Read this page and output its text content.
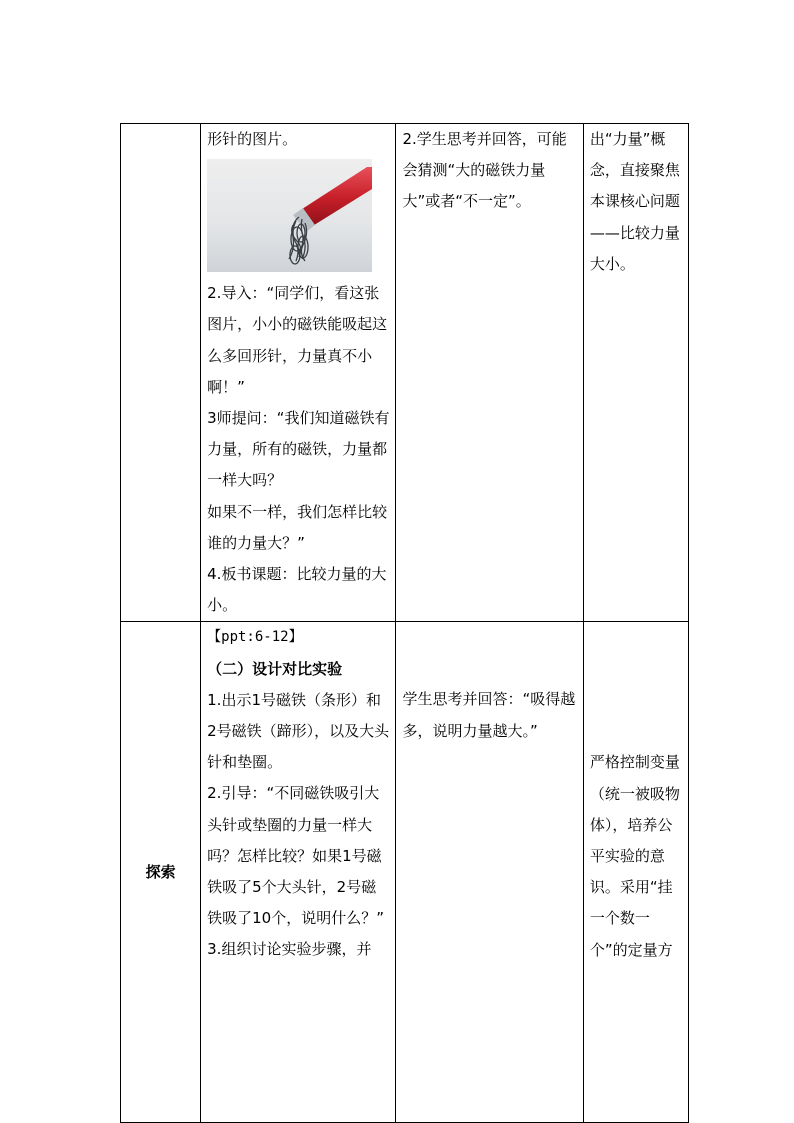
	形针的图片。

2.导入：“同学们，看这张图片，小小的磁铁能吸起这么多回形针，力量真不小啊！”

3师提问：“我们知道磁铁有力量，所有的磁铁，力量都一样大吗？

如果不一样，我们怎样比较谁的力量大？”

4.板书课题：比较力量的大小。	2.学生思考并回答，可能会猜测“大的磁铁力量大”或者“不一定”。	出“力量”概念，直接聚焦本课核心问题——比较力量大小。

探索	【ppt:6-12】

（二）设计对比实验

1.出示1号磁铁（条形）和2号磁铁（蹄形），以及大头针和垫圈。

2.引导：“不同磁铁吸引大头针或垫圈的力量一样大吗？怎样比较？如果1号磁铁吸了5个大头针，2号磁铁吸了10个，说明什么？”

3.组织讨论实验步骤，并	学生思考并回答：“吸得越多，说明力量越大。”	严格控制变量（统一被吸物体），培养公平实验的意识。采用“挂一个数一个”的定量方
